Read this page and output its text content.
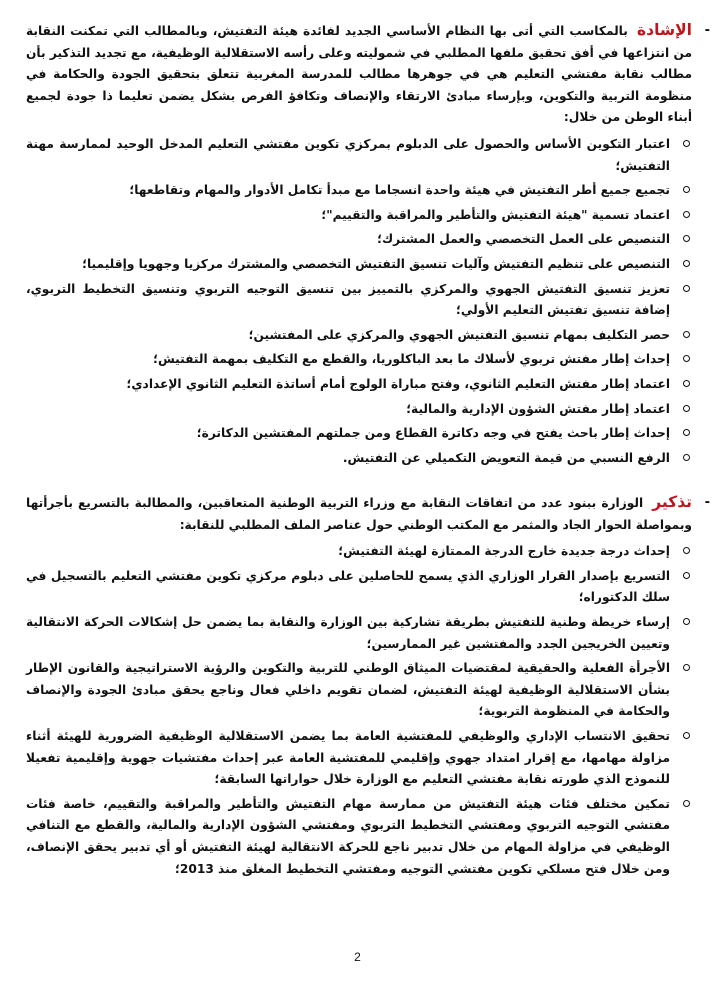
-
الإشادة بالمكاسب التي أتى بها النظام الأساسي الجديد لفائدة هيئة التفتيش، وبالمطالب التي تمكنت النقابة من انتزاعها في أفق تحقيق ملفها المطلبي في شموليته وعلى رأسه الاستقلالية الوظيفية، مع تجديد التذكير بأن مطالب نقابة مفتشي التعليم هي في جوهرها مطالب للمدرسة المغربية تتعلق بتحقيق الجودة والحكامة في منظومة التربية والتكوين، وبإرساء مبادئ الارتقاء والإنصاف وتكافؤ الفرص بشكل يضمن تعليما ذا جودة لجميع أبناء الوطن من خلال:

اعتبار التكوين الأساس والحصول على الدبلوم بمركزي تكوين مفتشي التعليم المدخل الوحيد لممارسة مهنة التفتيش؛
تجميع جميع أطر التفتيش في هيئة واحدة انسجاما مع مبدأ تكامل الأدوار والمهام وتقاطعها؛
اعتماد تسمية "هيئة التفتيش والتأطير والمراقبة والتقييم"؛
التنصيص على العمل التخصصي والعمل المشترك؛
التنصيص على تنظيم التفتيش وآليات تنسيق التفتيش التخصصي والمشترك مركزيا وجهويا وإقليميا؛
تعزيز تنسيق التفتيش الجهوي والمركزي بالتمييز بين تنسيق التوجيه التربوي وتنسيق التخطيط التربوي، إضافة تنسيق تفتيش التعليم الأولي؛
حصر التكليف بمهام تنسيق التفتيش الجهوي والمركزي على المفتشين؛
إحداث إطار مفتش تربوي لأسلاك ما بعد الباكلوريا، والقطع مع التكليف بمهمة التفتيش؛
اعتماد إطار مفتش التعليم الثانوي، وفتح مباراة الولوج أمام أساتذة التعليم الثانوي الإعدادي؛
اعتماد إطار مفتش الشؤون الإدارية والمالية؛
إحداث إطار باحث يفتح في وجه دكاترة القطاع ومن جملتهم المفتشين الدكاترة؛
الرفع النسبي من قيمة التعويض التكميلي عن التفتيش.

-
تذكير الوزارة ببنود عدد من اتفاقات النقابة مع وزراء التربية الوطنية المتعاقبين، والمطالبة بالتسريع بأجرأتها وبمواصلة الحوار الجاد والمثمر مع المكتب الوطني حول عناصر الملف المطلبي للنقابة:

إحداث درجة جديدة خارج الدرجة الممتازة لهيئة التفتيش؛
التسريع بإصدار القرار الوزاري الذي يسمح للحاصلين على دبلوم مركزي تكوين مفتشي التعليم بالتسجيل في سلك الدكتوراه؛
إرساء خريطة وطنية للتفتيش بطريقة تشاركية بين الوزارة والنقابة بما يضمن حل إشكالات الحركة الانتقالية وتعيين الخريجين الجدد والمفتشين غير الممارسين؛
الأجرأة الفعلية والحقيقية لمقتضيات الميثاق الوطني للتربية والتكوين والرؤية الاستراتيجية والقانون الإطار بشأن الاستقلالية الوظيفية لهيئة التفتيش، لضمان تقويم داخلي فعال وناجع يحقق مبادئ الجودة والإنصاف والحكامة في المنظومة التربوية؛
تحقيق الانتساب الإداري والوظيفي للمفتشية العامة بما يضمن الاستقلالية الوظيفية الضرورية للهيئة أثناء مزاولة مهامها، مع إقرار امتداد جهوي وإقليمي للمفتشية العامة عبر إحداث مفتشيات جهوية وإقليمية تفعيلا للنموذج الذي طورته نقابة مفتشي التعليم مع الوزارة خلال حواراتها السابقة؛
تمكين مختلف فئات هيئة التفتيش من ممارسة مهام التفتيش والتأطير والمراقبة والتقييم، خاصة فئات مفتشي التوجيه التربوي ومفتشي التخطيط التربوي ومفتشي الشؤون الإدارية والمالية، والقطع مع التنافي الوظيفي في مزاولة المهام من خلال تدبير ناجع للحركة الانتقالية لهيئة التفتيش أو أي تدبير يحقق الإنصاف، ومن خلال فتح مسلكي تكوين مفتشي التوجيه ومفتشي التخطيط المغلق منذ 2013؛
2
